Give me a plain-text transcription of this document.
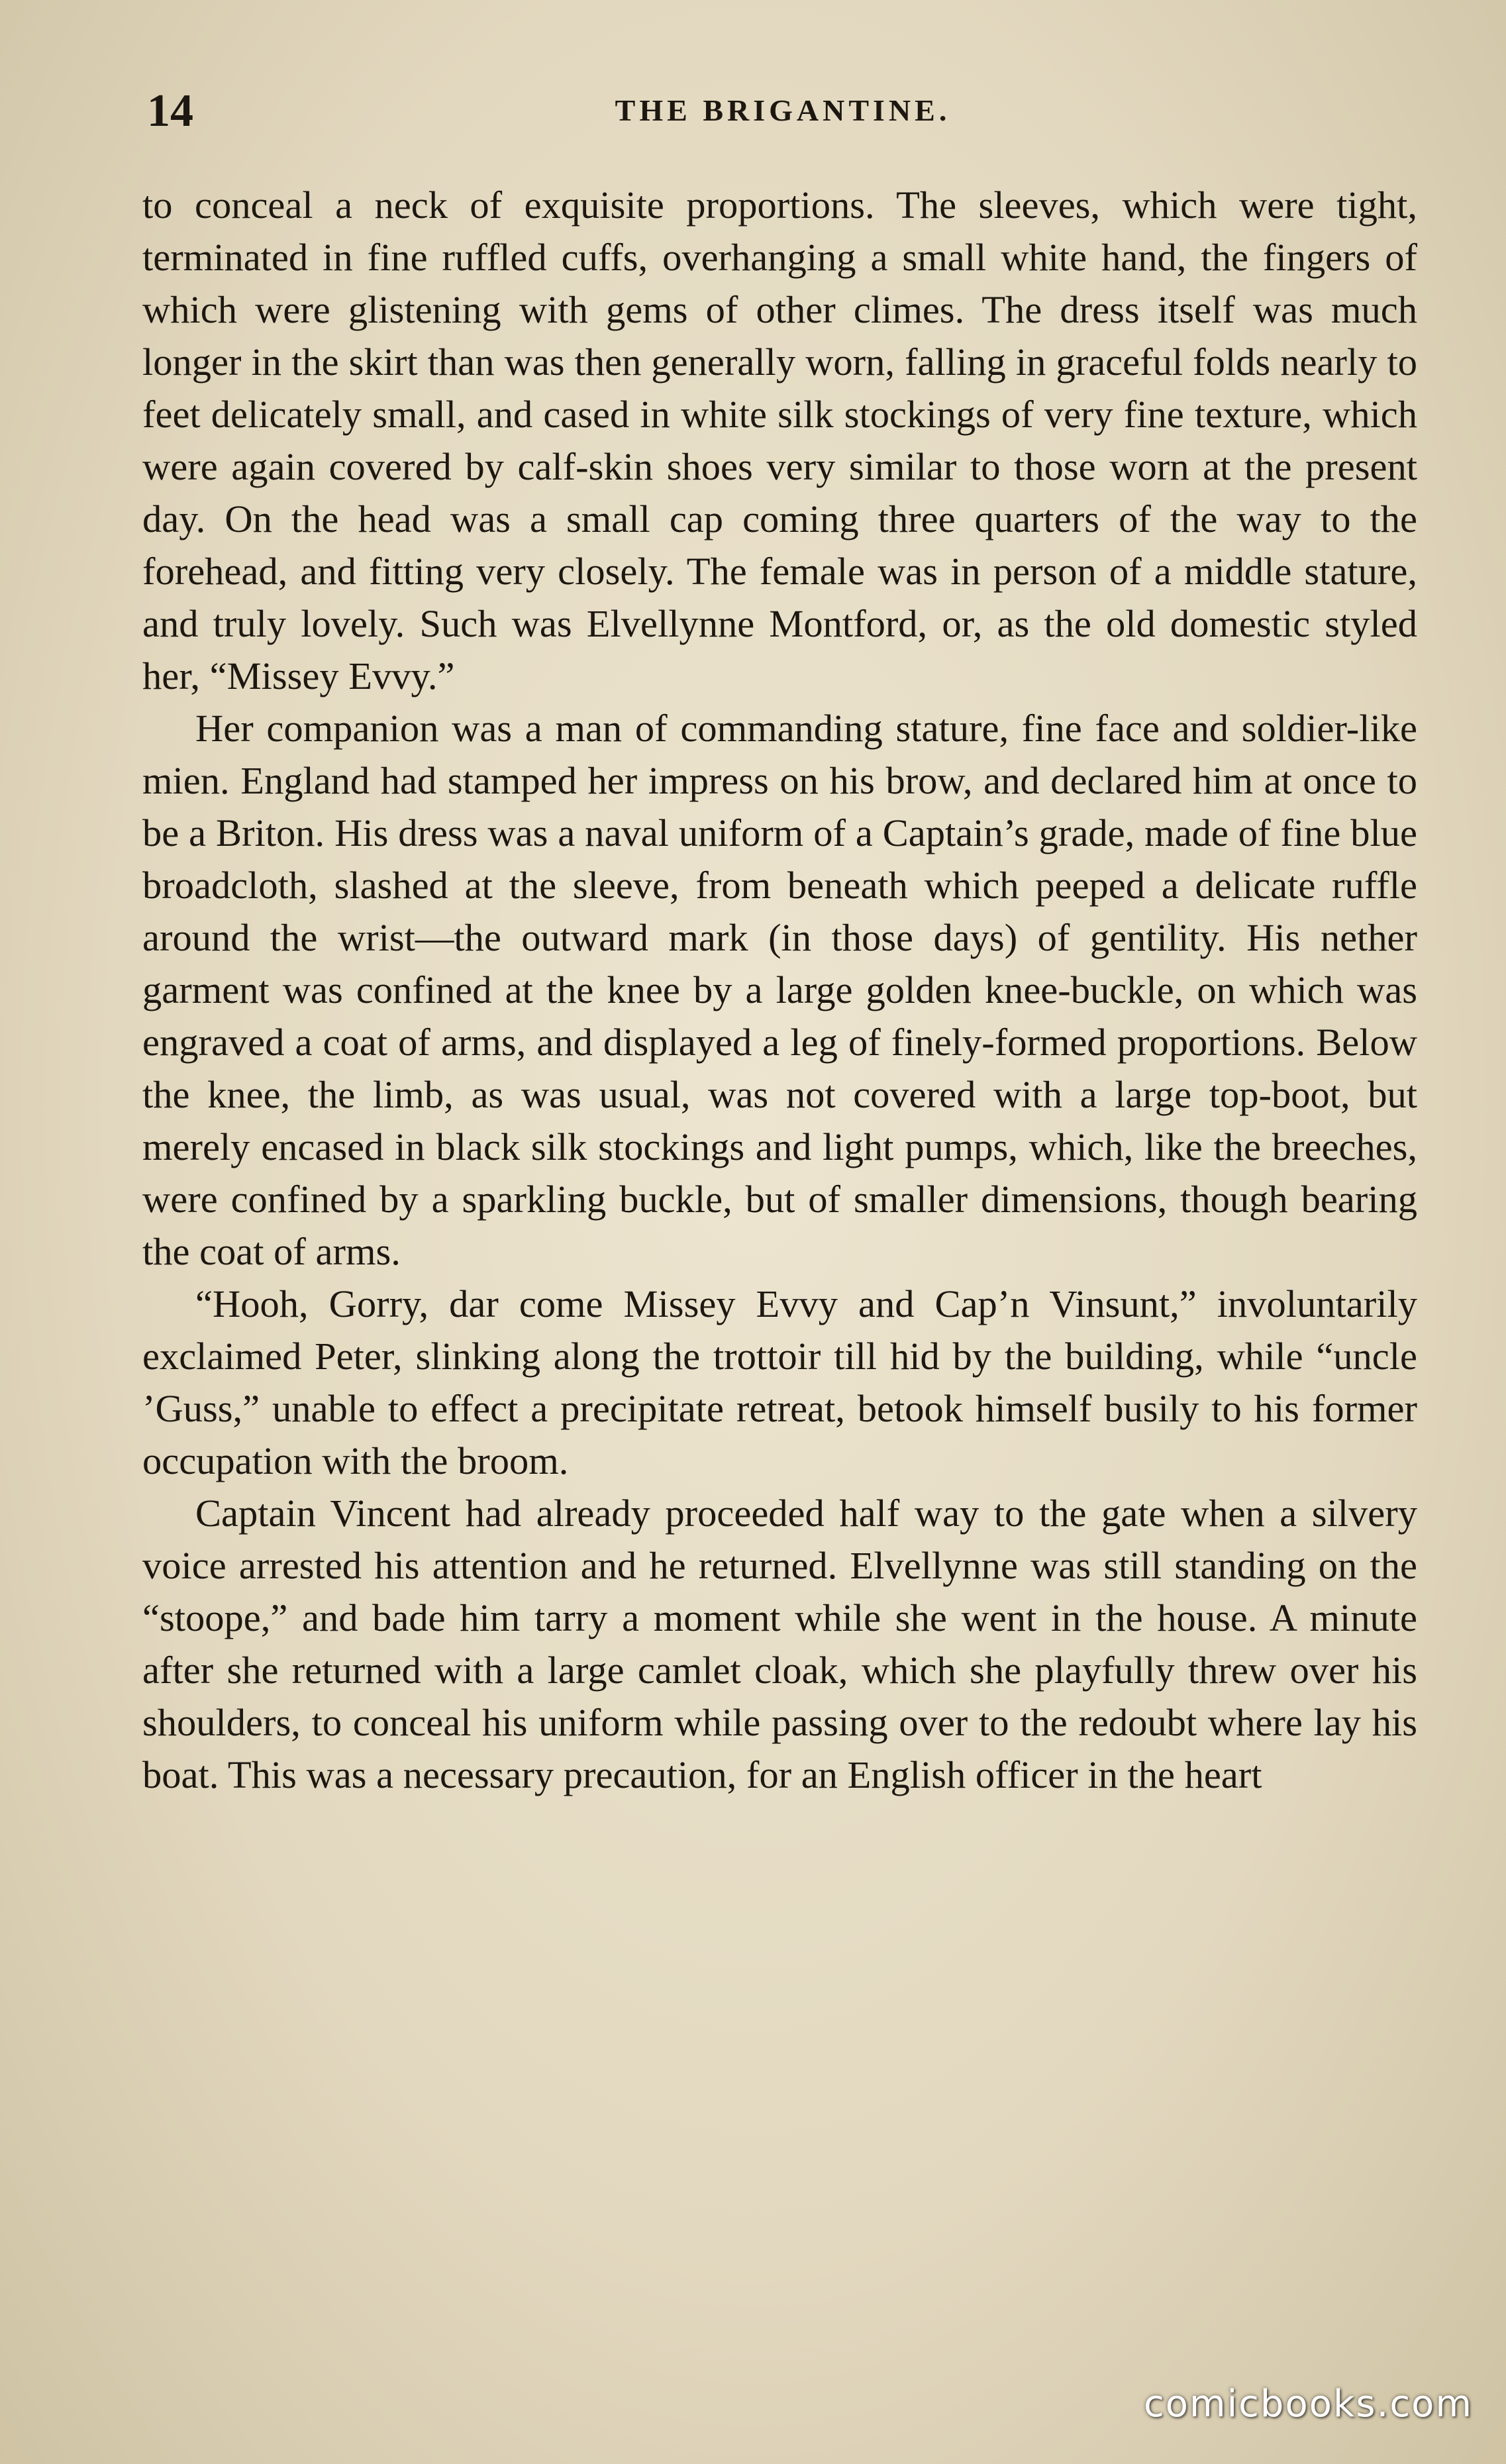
14	THE BRIGANTINE.

to conceal a neck of exquisite proportions. The sleeves, which were tight, terminated in fine ruffled cuffs, overhanging a small white hand, the fingers of which were glistening with gems of other climes. The dress itself was much longer in the skirt than was then generally worn, falling in graceful folds nearly to feet delicately small, and cased in white silk stockings of very fine texture, which were again covered by calf-skin shoes very similar to those worn at the present day. On the head was a small cap coming three quarters of the way to the forehead, and fitting very closely. The female was in person of a middle stature, and truly lovely. Such was Elvellynne Montford, or, as the old domestic styled her, “Missey Evvy.”

Her companion was a man of commanding stature, fine face and soldier-like mien. England had stamped her impress on his brow, and declared him at once to be a Briton. His dress was a naval uniform of a Captain’s grade, made of fine blue broadcloth, slashed at the sleeve, from beneath which peeped a delicate ruffle around the wrist—the outward mark (in those days) of gentility. His nether garment was confined at the knee by a large golden knee-buckle, on which was engraved a coat of arms, and displayed a leg of finely-formed proportions. Below the knee, the limb, as was usual, was not covered with a large top-boot, but merely encased in black silk stockings and light pumps, which, like the breeches, were confined by a sparkling buckle, but of smaller dimensions, though bearing the coat of arms.

“Hooh, Gorry, dar come Missey Evvy and Cap’n Vinsunt,” involuntarily exclaimed Peter, slinking along the trottoir till hid by the building, while “uncle ’Guss,” unable to effect a precipitate retreat, betook himself busily to his former occupation with the broom.

Captain Vincent had already proceeded half way to the gate when a silvery voice arrested his attention and he returned. Elvellynne was still standing on the “stoope,” and bade him tarry a moment while she went in the house. A minute after she returned with a large camlet cloak, which she playfully threw over his shoulders, to conceal his uniform while passing over to the redoubt where lay his boat. This was a necessary precaution, for an English officer in the heart

comicbooks.com
